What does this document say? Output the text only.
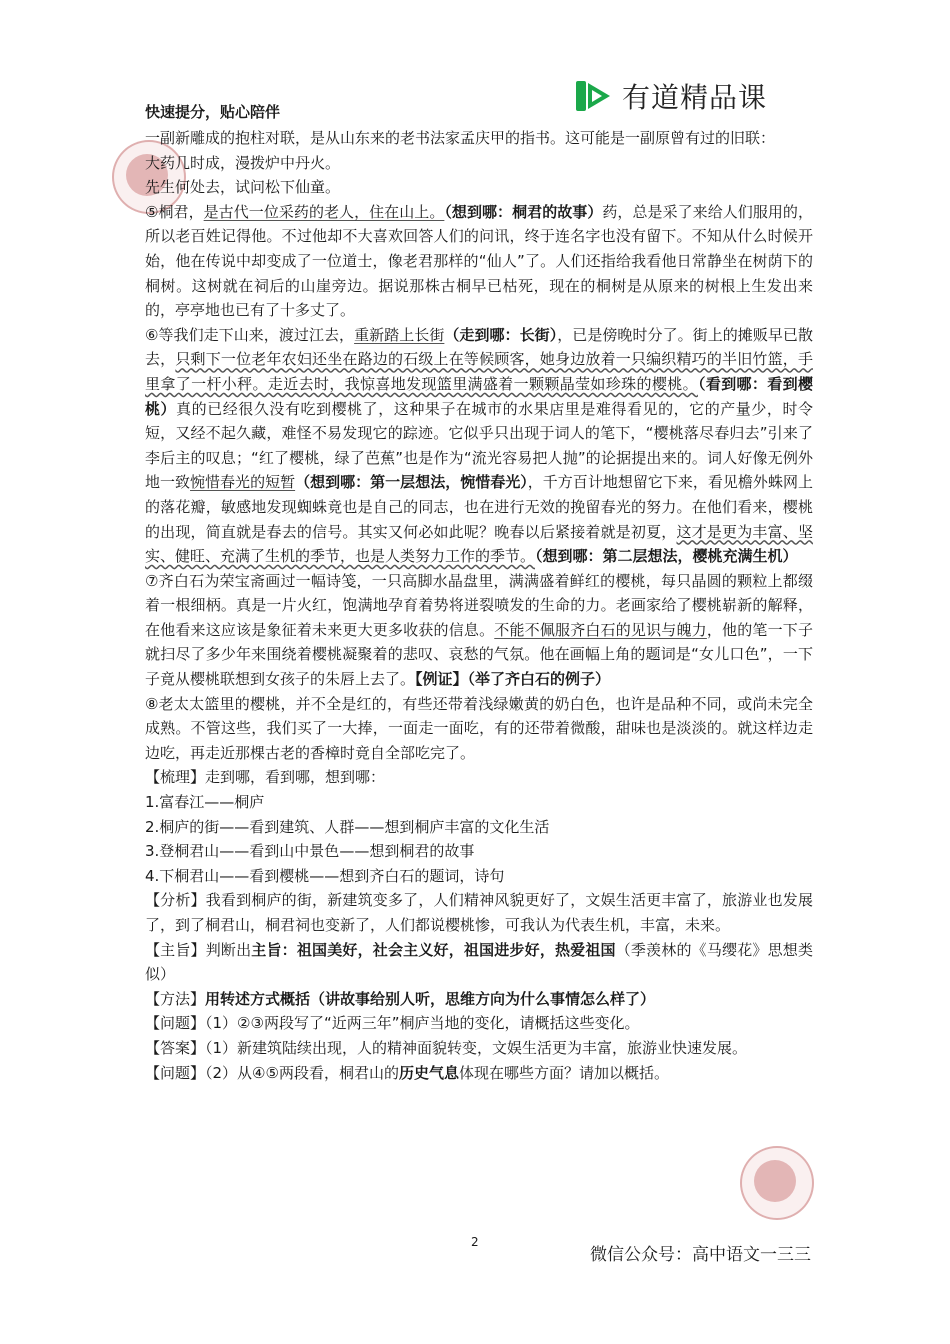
有道精品课
快速提分，贴心陪伴

一副新雕成的抱柱对联，是从山东来的老书法家孟庆甲的指书。这可能是一副原曾有过的旧联：

大药几时成，漫拨炉中丹火。

先生何处去，试问松下仙童。

⑤桐君，是古代一位采药的老人，住在山上。（想到哪：桐君的故事）药，总是采了来给人们服用的，所以老百姓记得他。不过他却不大喜欢回答人们的问讯，终于连名字也没有留下。不知从什么时候开始，他在传说中却变成了一位道士，像老君那样的“仙人”了。人们还指给我看他日常静坐在树荫下的桐树。这树就在祠后的山崖旁边。据说那株古桐早已枯死，现在的桐树是从原来的树根上生发出来的，亭亭地也已有了十多丈了。

⑥等我们走下山来，渡过江去，重新踏上长街（走到哪：长街），已是傍晚时分了。街上的摊贩早已散去，只剩下一位老年农妇还坐在路边的石级上在等候顾客，她身边放着一只编织精巧的半旧竹篮，手里拿了一杆小秤。走近去时，我惊喜地发现篮里满盛着一颗颗晶莹如珍珠的樱桃。（看到哪：看到樱桃）真的已经很久没有吃到樱桃了，这种果子在城市的水果店里是难得看见的，它的产量少，时令短，又经不起久藏，难怪不易发现它的踪迹。它似乎只出现于词人的笔下，“樱桃落尽春归去”引来了李后主的叹息；“红了樱桃，绿了芭蕉”也是作为“流光容易把人抛”的论据提出来的。词人好像无例外地一致惋惜春光的短暂（想到哪：第一层想法，惋惜春光），千方百计地想留它下来，看见檐外蛛网上的落花瓣，敏感地发现蜘蛛竟也是自己的同志，也在进行无效的挽留春光的努力。在他们看来，樱桃的出现，简直就是春去的信号。其实又何必如此呢？晚春以后紧接着就是初夏，这才是更为丰富、坚实、健旺、充满了生机的季节，也是人类努力工作的季节。（想到哪：第二层想法，樱桃充满生机）

⑦齐白石为荣宝斋画过一幅诗笺，一只高脚水晶盘里，满满盛着鲜红的樱桃，每只晶圆的颗粒上都缀着一根细柄。真是一片火红，饱满地孕育着势将迸裂喷发的生命的力。老画家给了樱桃崭新的解释，在他看来这应该是象征着未来更大更多收获的信息。不能不佩服齐白石的见识与魄力，他的笔一下子就扫尽了多少年来围绕着樱桃凝聚着的悲叹、哀愁的气氛。他在画幅上角的题词是“女儿口色”，一下子竟从樱桃联想到女孩子的朱唇上去了。【例证】（举了齐白石的例子）

⑧老太太篮里的樱桃，并不全是红的，有些还带着浅绿嫩黄的奶白色，也许是品种不同，或尚未完全成熟。不管这些，我们买了一大捧，一面走一面吃，有的还带着微酸，甜味也是淡淡的。就这样边走边吃，再走近那棵古老的香樟时竟自全部吃完了。

【梳理】走到哪，看到哪，想到哪：

1.富春江——桐庐

2.桐庐的街——看到建筑、人群——想到桐庐丰富的文化生活

3.登桐君山——看到山中景色——想到桐君的故事

4.下桐君山——看到樱桃——想到齐白石的题词，诗句

【分析】我看到桐庐的街，新建筑变多了，人们精神风貌更好了，文娱生活更丰富了，旅游业也发展了，到了桐君山，桐君祠也变新了，人们都说樱桃惨，可我认为代表生机，丰富，未来。

【主旨】判断出主旨：祖国美好，社会主义好，祖国进步好，热爱祖国（季羡林的《马缨花》思想类似）

【方法】用转述方式概括（讲故事给别人听，思维方向为什么事情怎么样了）

【问题】（1）②③两段写了“近两三年”桐庐当地的变化，请概括这些变化。

【答案】（1）新建筑陆续出现，人的精神面貌转变，文娱生活更为丰富，旅游业快速发展。

【问题】（2）从④⑤两段看，桐君山的历史气息体现在哪些方面？请加以概括。

2
微信公众号：高中语文一三三
